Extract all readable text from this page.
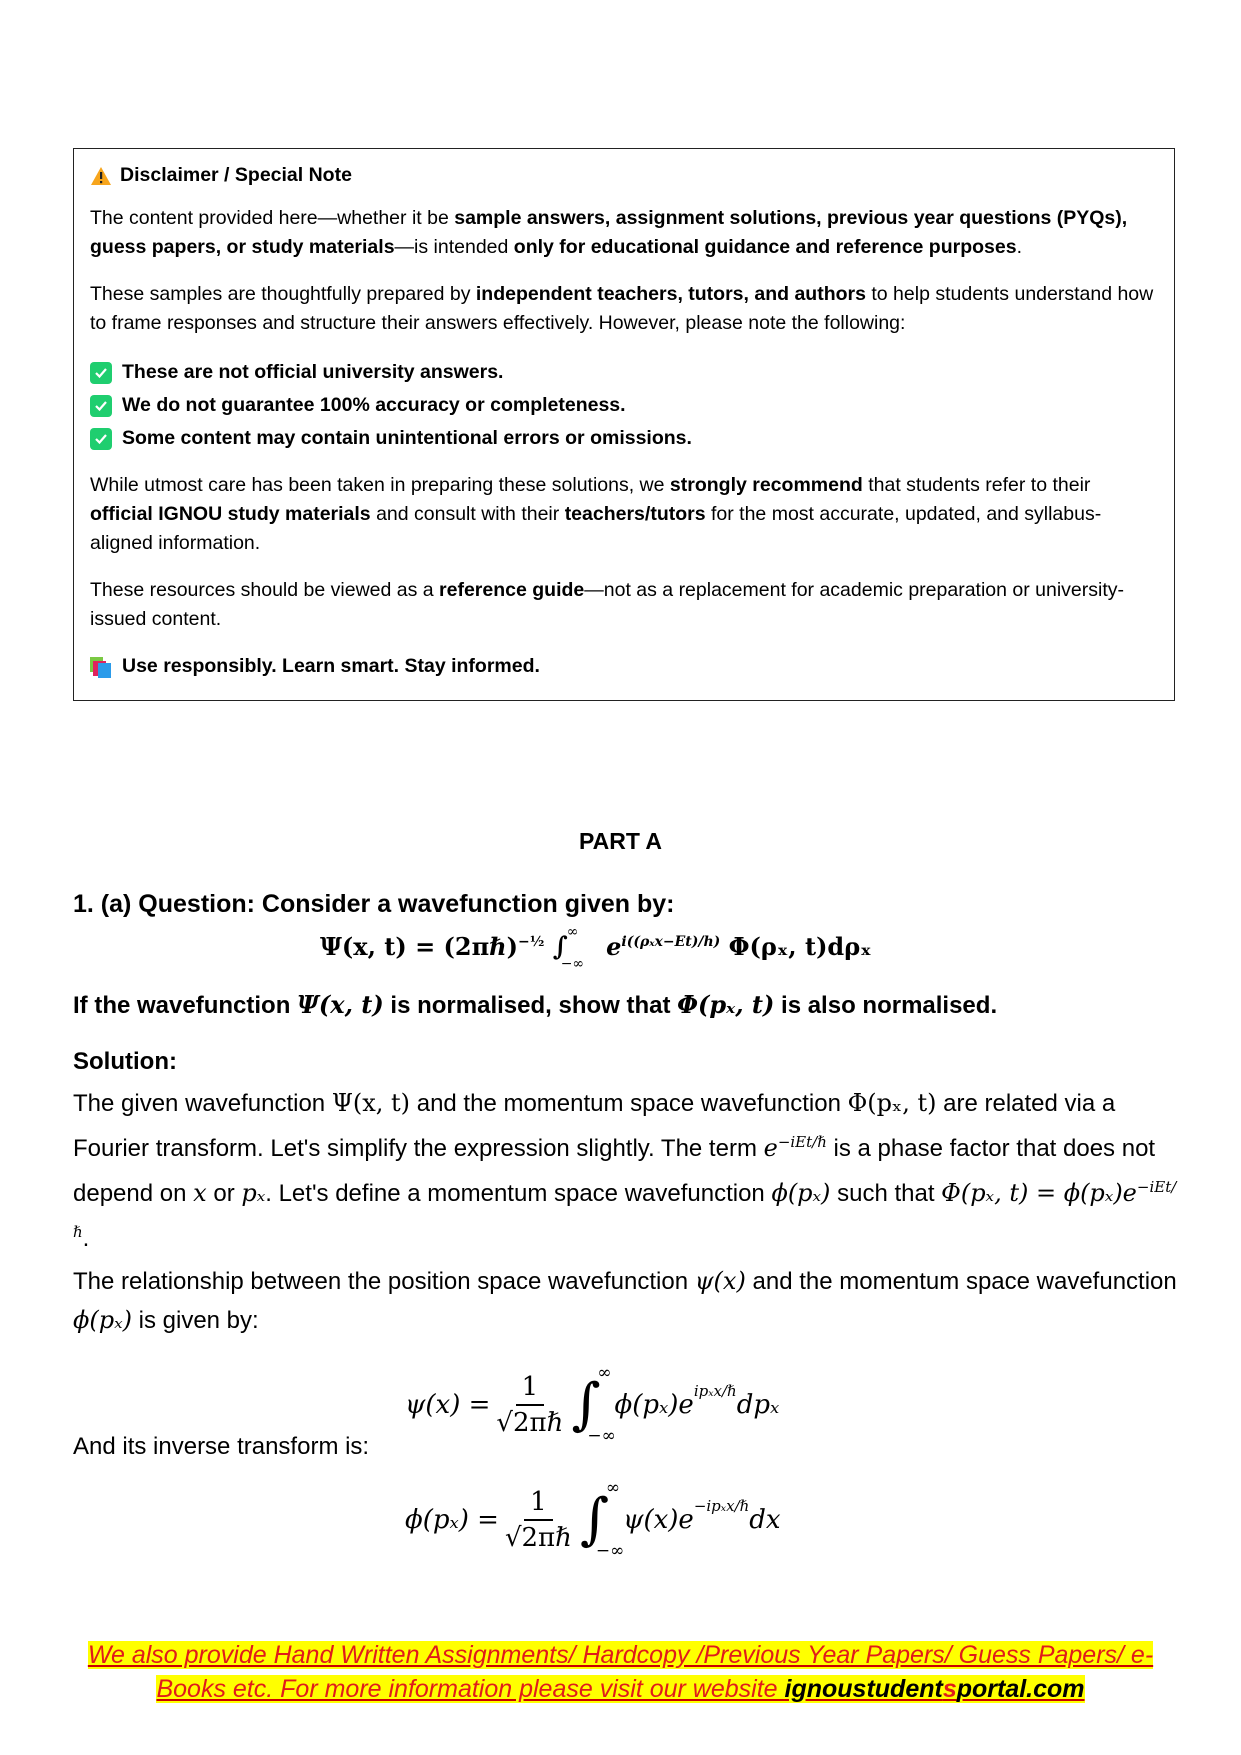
Disclaimer / Special Note

The content provided here—whether it be sample answers, assignment solutions, previous year questions (PYQs), guess papers, or study materials—is intended only for educational guidance and reference purposes.

These samples are thoughtfully prepared by independent teachers, tutors, and authors to help students understand how to frame responses and structure their answers effectively. However, please note the following:

These are not official university answers.
We do not guarantee 100% accuracy or completeness.
Some content may contain unintentional errors or omissions.

While utmost care has been taken in preparing these solutions, we strongly recommend that students refer to their official IGNOU study materials and consult with their teachers/tutors for the most accurate, updated, and syllabus-aligned information.

These resources should be viewed as a reference guide—not as a replacement for academic preparation or university-issued content.

Use responsibly. Learn smart. Stay informed.

PART A
1. (a) Question: Consider a wavefunction given by:
Ψ(x, t) = (2πℏ)$^{-\frac{1}{2}}$ ∫
∞
−∞
$e^{i((\rho_xx-Et)/h)}$ Φ(ρₓ, t)dρₓ
If the wavefunction Ψ(x, t) is normalised, show that Φ(pₓ, t) is also normalised.
Solution:
The given wavefunction Ψ(x, t) and the momentum space wavefunction Φ(pₓ, t) are related via a Fourier transform. Let's simplify the expression slightly. The term $e^{-iEt/\hbar}$ is a phase factor that does not depend on x or pₓ. Let's define a momentum space wavefunction ϕ(pₓ) such that Φ(pₓ, $t) = \phi(p_x)e^{-iEt/\hbar}$.
The relationship between the position space wavefunction ψ(x) and the momentum space wavefunction ϕ(pₓ) is given by:
$\psi(x) = \frac{1}{\text{√2πℏ}}$ ∫
∞
−∞
$\phi(p_x)e^{ip_xx/\hbar}$ dpₓ
And its inverse transform is:
$\phi(p_x) = \frac{1}{\text{√2πℏ}}$ ∫
∞
−∞
$\psi(x)e^{-ip_xx/\hbar}$ dx
We also provide Hand Written Assignments/ Hardcopy /Previous Year Papers/ Guess Papers/ e-
Books etc. For more information please visit our website ignoustudentsportal.com
